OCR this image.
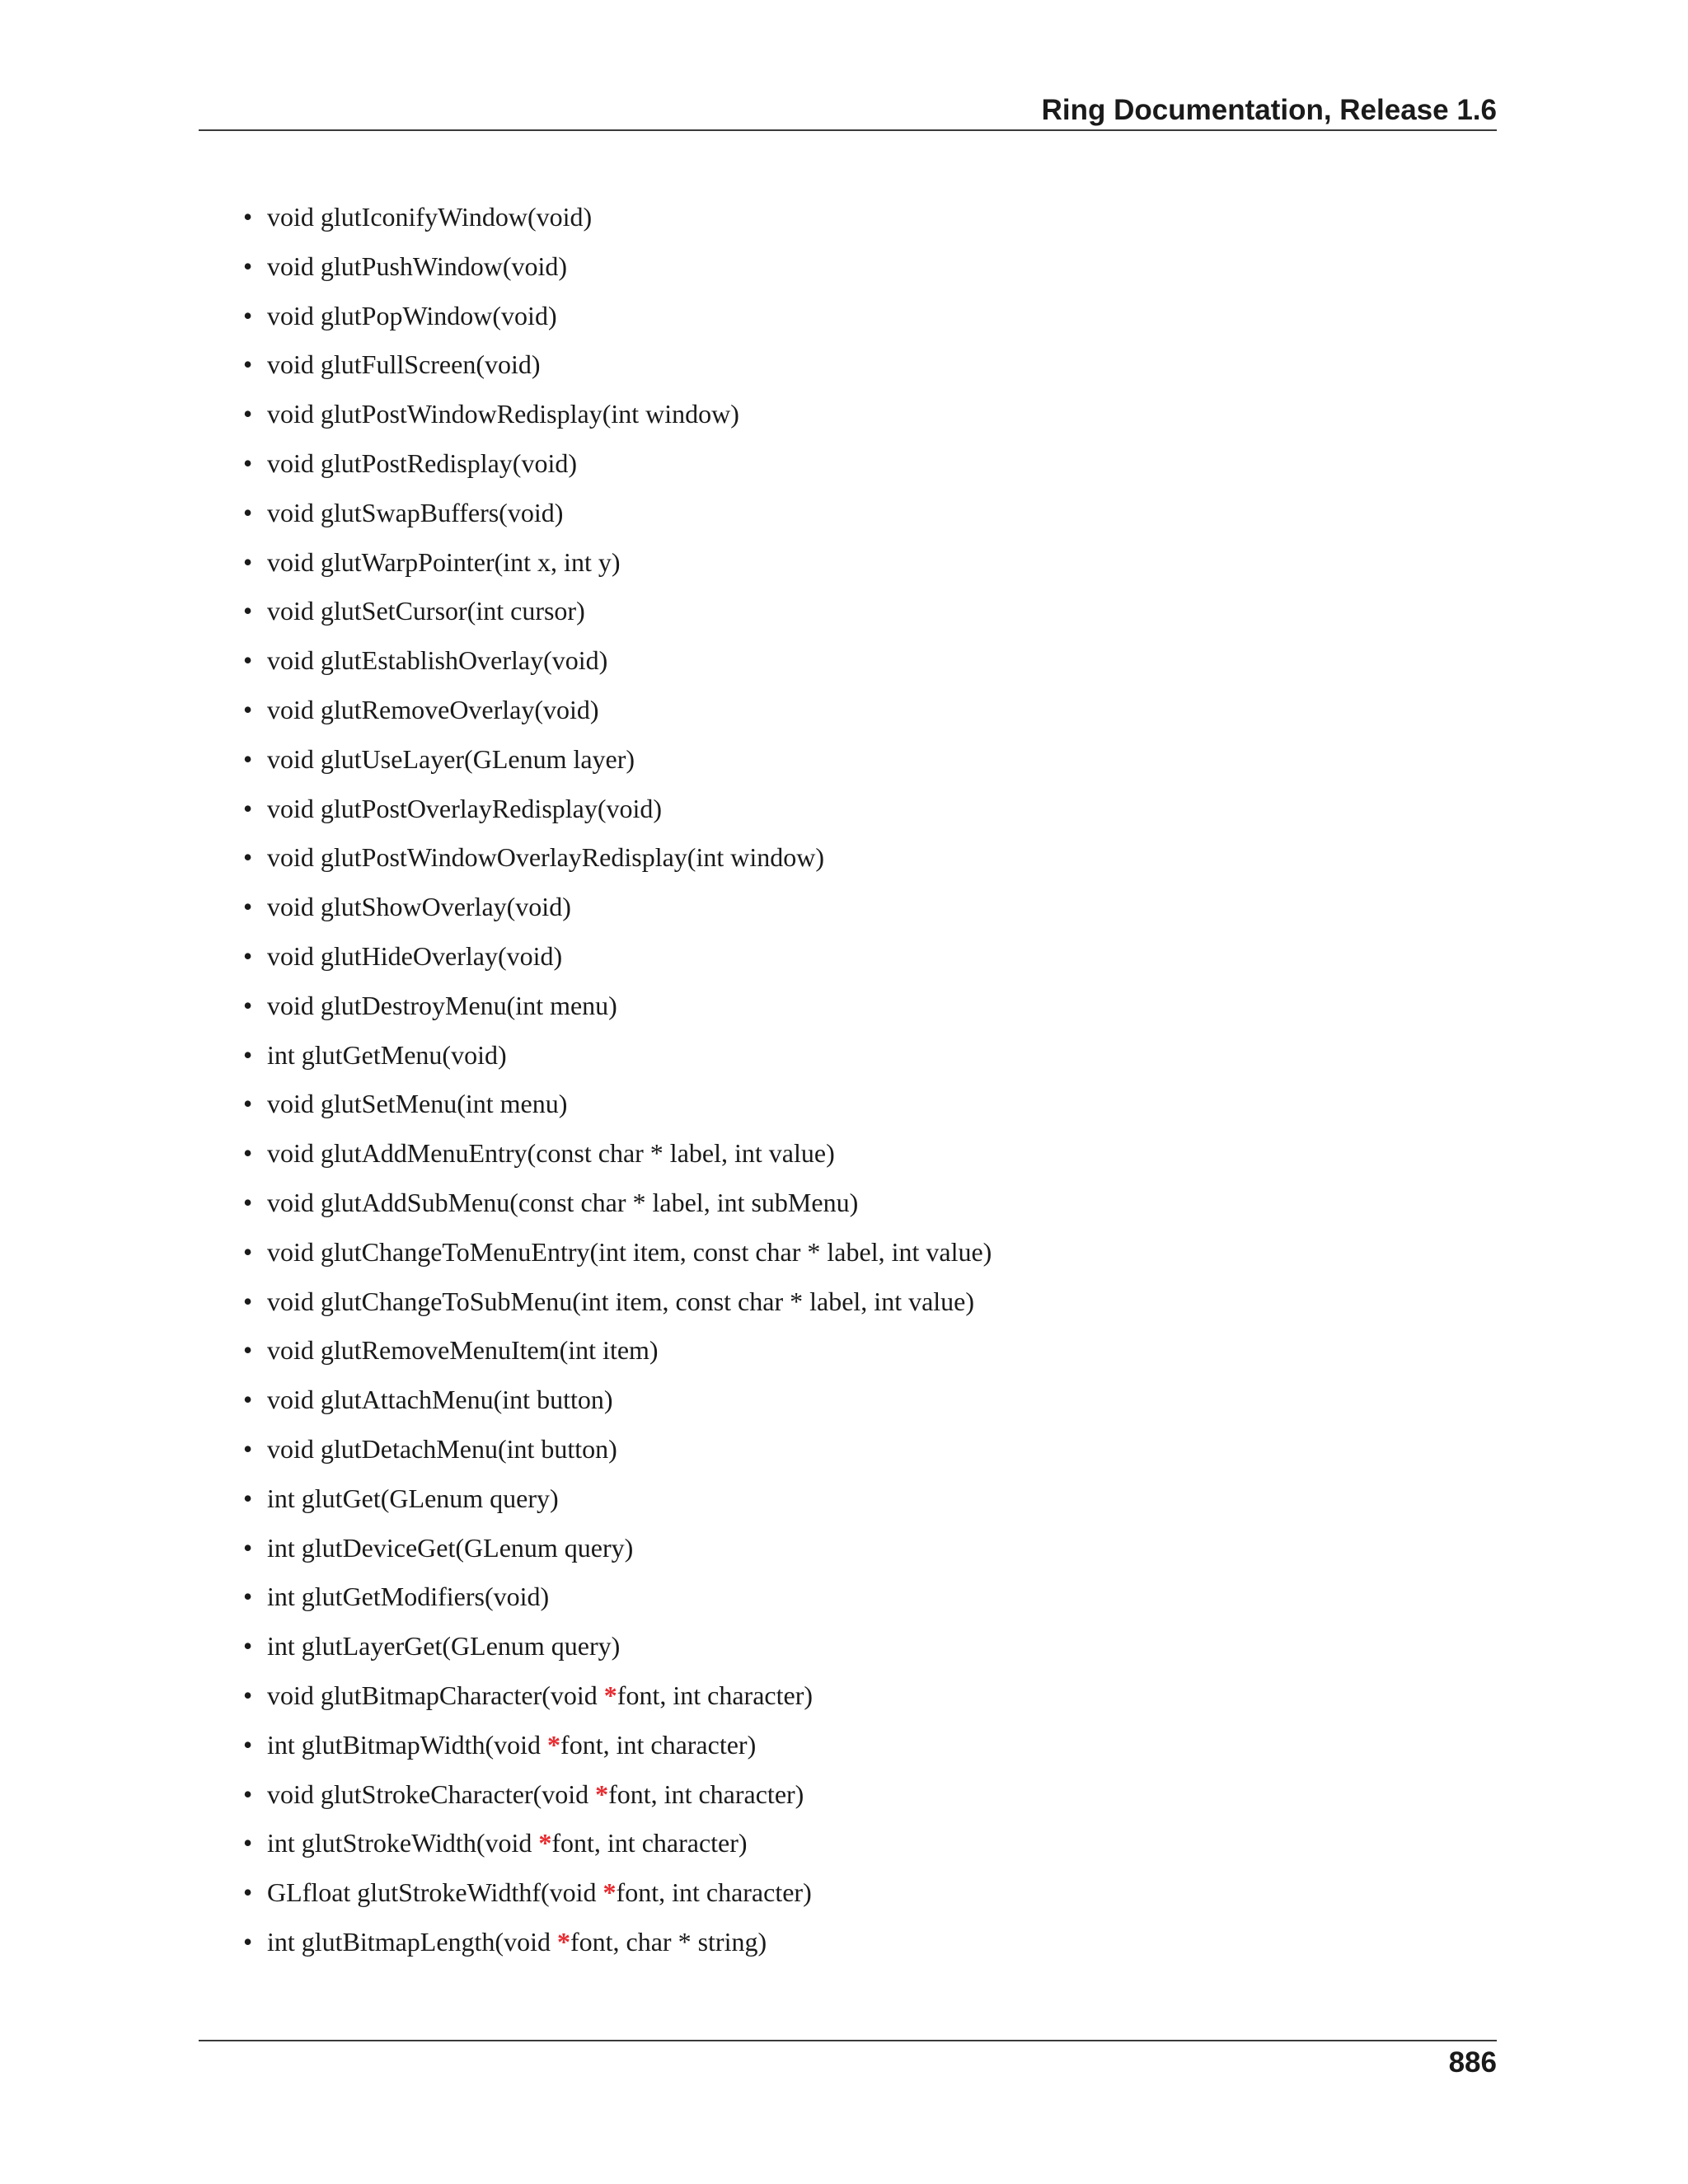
Ring Documentation, Release 1.6
• void glutIconifyWindow(void)
• void glutPushWindow(void)
• void glutPopWindow(void)
• void glutFullScreen(void)
• void glutPostWindowRedisplay(int window)
• void glutPostRedisplay(void)
• void glutSwapBuffers(void)
• void glutWarpPointer(int x, int y)
• void glutSetCursor(int cursor)
• void glutEstablishOverlay(void)
• void glutRemoveOverlay(void)
• void glutUseLayer(GLenum layer)
• void glutPostOverlayRedisplay(void)
• void glutPostWindowOverlayRedisplay(int window)
• void glutShowOverlay(void)
• void glutHideOverlay(void)
• void glutDestroyMenu(int menu)
• int glutGetMenu(void)
• void glutSetMenu(int menu)
• void glutAddMenuEntry(const char * label, int value)
• void glutAddSubMenu(const char * label, int subMenu)
• void glutChangeToMenuEntry(int item, const char * label, int value)
• void glutChangeToSubMenu(int item, const char * label, int value)
• void glutRemoveMenuItem(int item)
• void glutAttachMenu(int button)
• void glutDetachMenu(int button)
• int glutGet(GLenum query)
• int glutDeviceGet(GLenum query)
• int glutGetModifiers(void)
• int glutLayerGet(GLenum query)
• void glutBitmapCharacter(void *font, int character)
• int glutBitmapWidth(void *font, int character)
• void glutStrokeCharacter(void *font, int character)
• int glutStrokeWidth(void *font, int character)
• GLfloat glutStrokeWidthf(void *font, int character)
• int glutBitmapLength(void *font, char * string)
886
